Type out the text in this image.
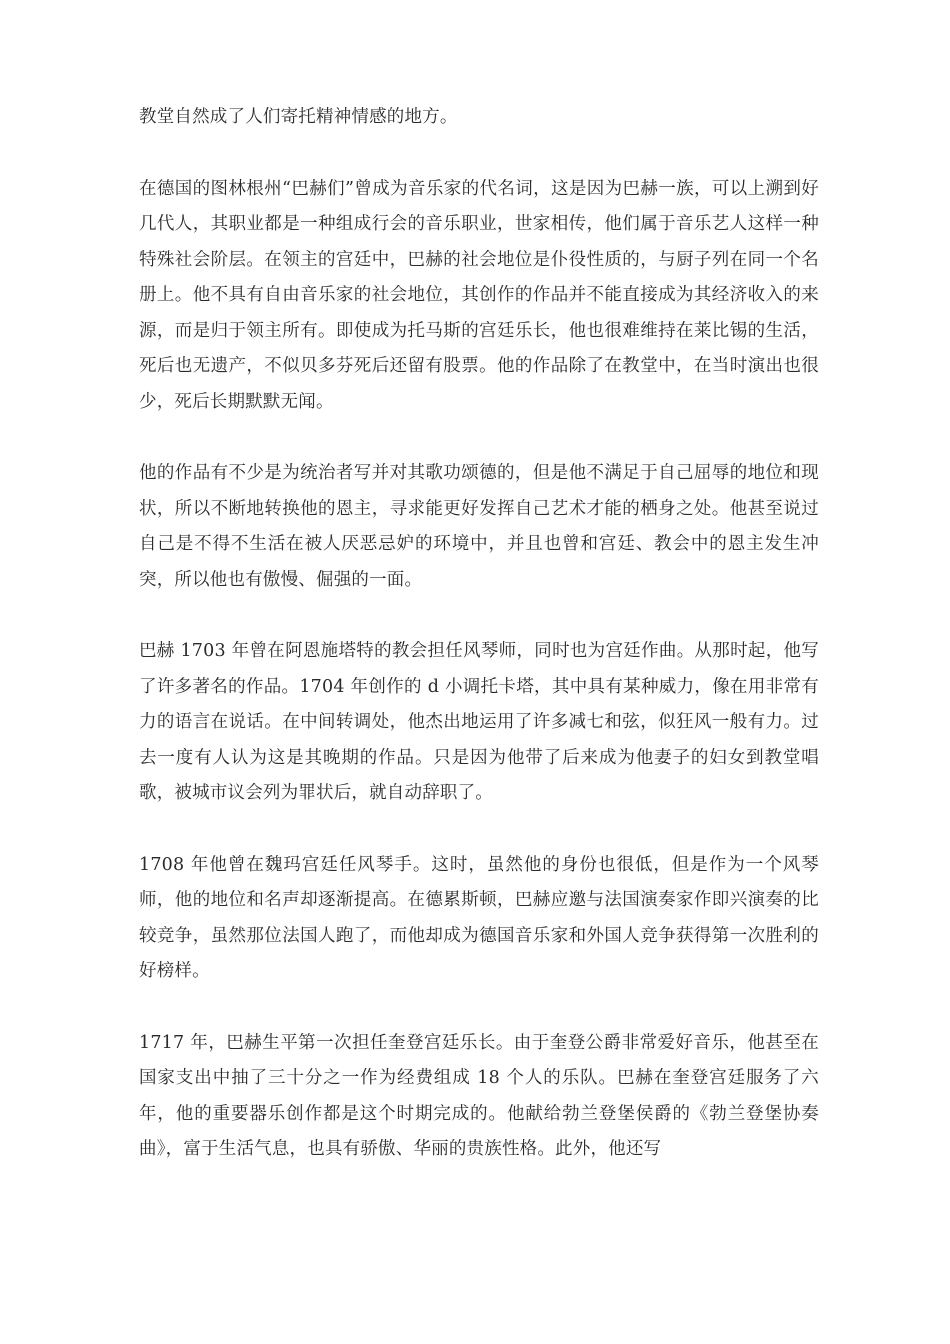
教堂自然成了人们寄托精神情感的地方。

在德国的图林根州“巴赫们”曾成为音乐家的代名词，这是因为巴赫一族，可以上溯到好几代人，其职业都是一种组成行会的音乐职业，世家相传，他们属于音乐艺人这样一种特殊社会阶层。在领主的宫廷中，巴赫的社会地位是仆役性质的，与厨子列在同一个名册上。他不具有自由音乐家的社会地位，其创作的作品并不能直接成为其经济收入的来源，而是归于领主所有。即使成为托马斯的宫廷乐长，他也很难维持在莱比锡的生活，死后也无遗产，不似贝多芬死后还留有股票。他的作品除了在教堂中，在当时演出也很少，死后长期默默无闻。

他的作品有不少是为统治者写并对其歌功颂德的，但是他不满足于自己屈辱的地位和现状，所以不断地转换他的恩主，寻求能更好发挥自己艺术才能的栖身之处。他甚至说过自己是不得不生活在被人厌恶忌妒的环境中，并且也曾和宫廷、教会中的恩主发生冲突，所以他也有傲慢、倔强的一面。

巴赫 1703 年曾在阿恩施塔特的教会担任风琴师，同时也为宫廷作曲。从那时起，他写了许多著名的作品。1704 年创作的 d 小调托卡塔，其中具有某种威力，像在用非常有力的语言在说话。在中间转调处，他杰出地运用了许多减七和弦，似狂风一般有力。过去一度有人认为这是其晚期的作品。只是因为他带了后来成为他妻子的妇女到教堂唱歌，被城市议会列为罪状后，就自动辞职了。

1708 年他曾在魏玛宫廷任风琴手。这时，虽然他的身份也很低，但是作为一个风琴师，他的地位和名声却逐渐提高。在德累斯顿，巴赫应邀与法国演奏家作即兴演奏的比较竞争，虽然那位法国人跑了，而他却成为德国音乐家和外国人竞争获得第一次胜利的好榜样。

1717 年，巴赫生平第一次担任奎登宫廷乐长。由于奎登公爵非常爱好音乐，他甚至在国家支出中抽了三十分之一作为经费组成 18 个人的乐队。巴赫在奎登宫廷服务了六年，他的重要器乐创作都是这个时期完成的。他献给勃兰登堡侯爵的《勃兰登堡协奏曲》，富于生活气息，也具有骄傲、华丽的贵族性格。此外，他还写
